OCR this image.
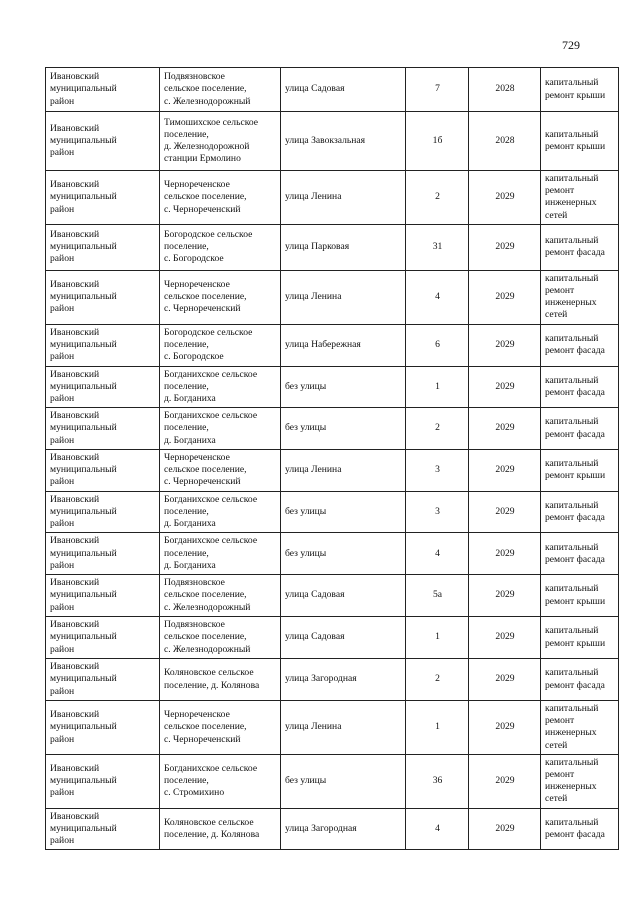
729
Ивановский
муниципальный
район	Подвязновское
сельское поселение,
с. Железнодорожный	улица Садовая	7	2028	капитальный
ремонт крыши

Ивановский
муниципальный
район	Тимошихское сельское
поселение,
д. Железнодорожной
станции Ермолино	улица Завокзальная	1б	2028	капитальный
ремонт крыши

Ивановский
муниципальный
район	Чернореченское
сельское поселение,
с. Чернореченский	улица Ленина	2	2029	капитальный
ремонт
инженерных
сетей

Ивановский
муниципальный
район	Богородское сельское
поселение,
с. Богородское	улица Парковая	31	2029	капитальный
ремонт фасада

Ивановский
муниципальный
район	Чернореченское
сельское поселение,
с. Чернореченский	улица Ленина	4	2029	капитальный
ремонт
инженерных
сетей

Ивановский
муниципальный
район	Богородское сельское
поселение,
с. Богородское	улица Набережная	6	2029	капитальный
ремонт фасада

Ивановский
муниципальный
район	Богданихское сельское
поселение,
д. Богданиха	без улицы	1	2029	капитальный
ремонт фасада

Ивановский
муниципальный
район	Богданихское сельское
поселение,
д. Богданиха	без улицы	2	2029	капитальный
ремонт фасада

Ивановский
муниципальный
район	Чернореченское
сельское поселение,
с. Чернореченский	улица Ленина	3	2029	капитальный
ремонт крыши

Ивановский
муниципальный
район	Богданихское сельское
поселение,
д. Богданиха	без улицы	3	2029	капитальный
ремонт фасада

Ивановский
муниципальный
район	Богданихское сельское
поселение,
д. Богданиха	без улицы	4	2029	капитальный
ремонт фасада

Ивановский
муниципальный
район	Подвязновское
сельское поселение,
с. Железнодорожный	улица Садовая	5а	2029	капитальный
ремонт крыши

Ивановский
муниципальный
район	Подвязновское
сельское поселение,
с. Железнодорожный	улица Садовая	1	2029	капитальный
ремонт крыши

Ивановский
муниципальный
район	Коляновское сельское
поселение, д. Колянова	улица Загородная	2	2029	капитальный
ремонт фасада

Ивановский
муниципальный
район	Чернореченское
сельское поселение,
с. Чернореченский	улица Ленина	1	2029	капитальный
ремонт
инженерных
сетей

Ивановский
муниципальный
район	Богданихское сельское
поселение,
с. Стромихино	без улицы	36	2029	капитальный
ремонт
инженерных
сетей

Ивановский
муниципальный
район	Коляновское сельское
поселение, д. Колянова	улица Загородная	4	2029	капитальный
ремонт фасада
